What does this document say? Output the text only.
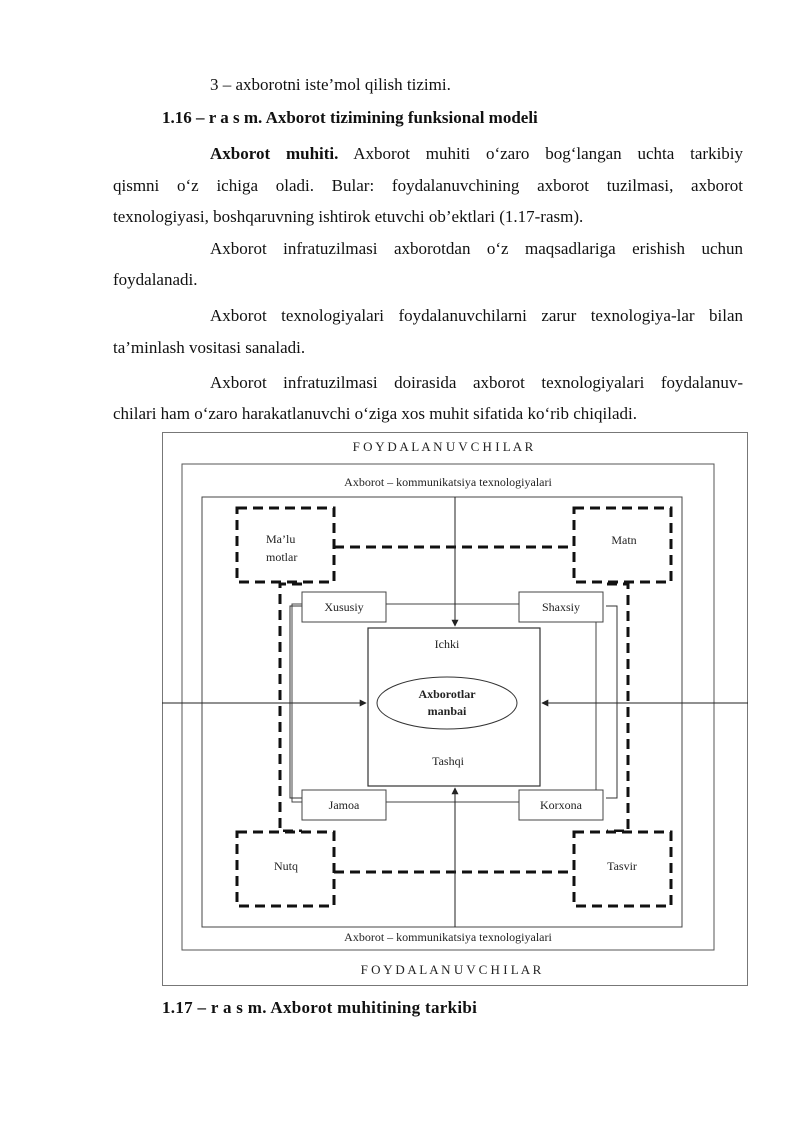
3 – axborotni iste’mol qilish tizimi.
1.16 – r a s m. Axborot tizimining funksional modeli
Axborot muhiti. Axborot muhiti o‘zaro bog‘langan uchta tarkibiy
qismni o‘z ichiga oladi. Bular: foydalanuvchining axborot tuzilmasi, axborot
texnologiyasi, boshqaruvning ishtirok etuvchi ob’ektlari (1.17-rasm).
Axborot infratuzilmasi axborotdan o‘z maqsadlariga erishish uchun
foydalanadi.
Axborot texnologiyalari foydalanuvchilarni zarur texnologiya-lar bilan
ta’minlash vositasi sanaladi.
Axborot infratuzilmasi doirasida axborot texnologiyalari foydalanuv-
chilari ham o‘zaro harakatlanuvchi o‘ziga xos muhit sifatida ko‘rib chiqiladi.
F O Y D A L A N U V C H I L A R
F O Y D A L A N U V C H I L A R
Axborot – kommunikatsiya texnologiyalari
Axborot – kommunikatsiya texnologiyalari
Ma’lu
motlar
Matn
Nutq	Tasvir
Xususiy	Shaxsiy
Jamoa	Korxona
Ichki
Tashqi
Axborotlar
manbai
1.17 – r a s m. Axborot muhitining tarkibi
